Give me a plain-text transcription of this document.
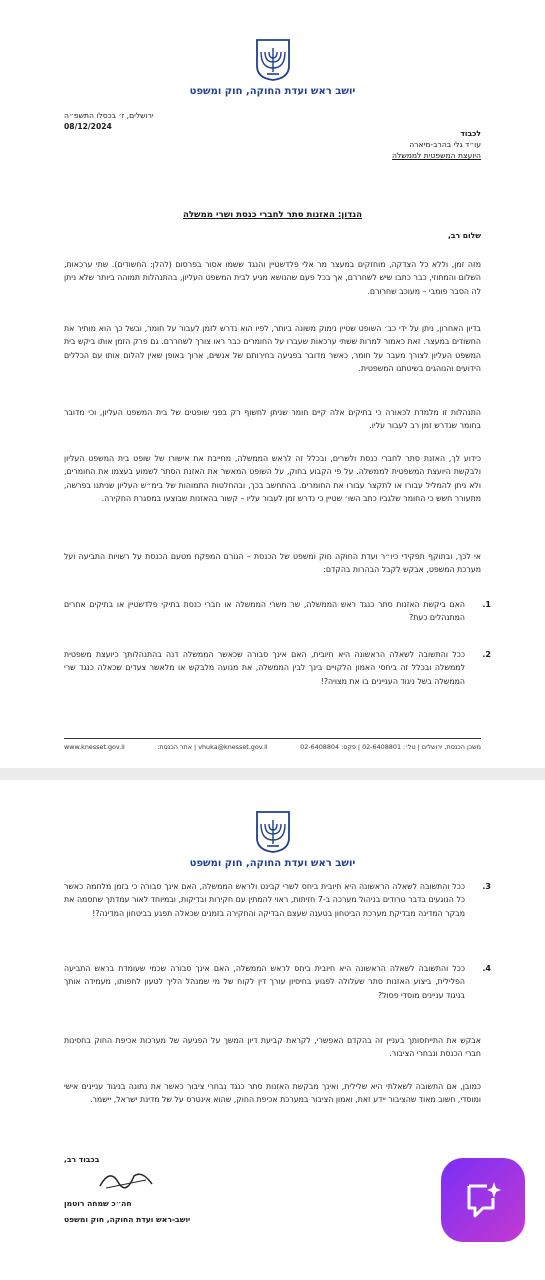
יושב ראש ועדת החוקה, חוק ומשפט
ירושלים, ז׳ בכסלו התשפ״ה
08/12/2024
לכבוד
עו״ד גלי בהרב-מיארה
היועצת המשפטית לממשלה
הנדון: האזנות סתר לחברי כנסת ושרי ממשלה
שלום רב,
מזה זמן, וללא כל הצדקה, מוחזקים במעצר מר אלי פלדשטיין והנגד ששמו אסור בפרסום (להלן: החשודים). שתי ערכאות, השלום והמחוזי, כבר כתבו שיש לשחררם, אך בכל פעם שהנושא מגיע לבית המשפט העליון, בהתנהלות תמוהה ביותר שלא ניתן לה הסבר פומבי – מעוכב שחרורם.
בדיון האחרון, ניתן על ידי כב׳ השופט שטיין נימוק משונה ביותר, לפיו הוא נדרש לזמן לעבור על חומר, ובשל כך הוא מותיר את החשודים במעצר. זאת כאמור למרות ששתי ערכאות שעברו על החומרים כבר ראו צורך לשחררם. גם פרק הזמן אותו ביקש בית המשפט העליון לצורך מעבר על חומר, כאשר מדובר בפגיעה בחירותם של אנשים, ארוך באופן שאין להלום אותו עם הכללים הידועים והנוהגים בשיטתנו המשפטית.
התנהלות זו מלמדת לכאורה כי בתיקים אלה קיים חומר שניתן לחשוף רק בפני שופטים של בית המשפט העליון, וכי מדובר בחומר שנדרש זמן רב לעבור עליו.
כידוע לך, האזנת סתר לחברי כנסת ולשרים, ובכלל זה לראש הממשלה, מחייבת את אישורו של שופט בית המשפט העליון ולבקשת היועצת המשפטית לממשלה. על פי הקבוע בחוק, על השופט המאשר את האזנת הסתר לשמוע בעצמו את החומרים, ולא ניתן להמליל עבורו או לתקצר עבורו את החומרים. בהתחשב בכך, ובהחלטות התמוהות של בימ״ש העליון שניתנו בפרשה, מתעורר חשש כי החומר שלגביו כתב השו׳ שטיין כי נדרש זמן לעבור עליו – קשור בהאזנות שבוצעו במסגרת החקירה.
אי לכך, ובתוקף תפקידי כיו״ר ועדת החוקה חוק ומשפט של הכנסת – הגורם המפקח מטעם הכנסת על רשויות התביעה ועל מערכת המשפט, אבקש לקבל הבהרות בהקדם:
1.
האם ביקשת האזנות סתר כנגד ראש הממשלה, שר משרי הממשלה או חברי כנסת בתיקי פלדשטיין או בתיקים אחרים המתנהלים כעת?
2.
ככל והתשובה לשאלה הראשונה היא חיובית, האם אינך סבורה שכאשר הממשלה דנה בהתנהלותך כיועצת משפטית לממשלה ובכלל זה ביחסי האמון הלקויים בינך לבין הממשלה, את מנועה מלבקש או מלאשר צעדים שכאלה כנגד שרי הממשלה בשל ניגוד העניינים בו את מצויה?!
משכן הכנסת, ירושלים | טל׳: 02-6408801 | פקס: 02-6408804
vhuka@knesset.gov.il | אתר הכנסת:
www.knesset.gov.il
יושב ראש ועדת החוקה, חוק ומשפט
3.
ככל והתשובה לשאלה הראשונה היא חיובית ביחס לשרי קבינט ולראש הממשלה, האם אינך סבורה כי בזמן מלחמה כאשר כל הנוגעים בדבר טרודים בניהול מערכה ב-7 חזיתות, ראוי להמתין עם חקירות ובדיקות, ובמיוחד לאור עמדתך שחסמה את מבקר המדינה מבדיקת מערכת הביטחון בטענה שעצם הבדיקה והחקירה בזמנים שכאלה תפגע בביטחון המדינה?!
4.
ככל והתשובה לשאלה הראשונה היא חיובית ביחס לראש הממשלה, האם אינך סבורה שכמי שעומדת בראש התביעה הפלילית, ביצוע האזנות סתר שעלולה לפגוע בחיסיון עורך דין לקוח של מי שמנהל הליך לטעון לחפותו, מעמידה אותך בניגוד עניינים מוסדי פסול?
אבקש את התייחסותך בעניין זה בהקדם האפשרי, לקראת קביעת דיון המשך על הפגיעה של מערכות אכיפת החוק בחסינות חברי הכנסת ונבחרי הציבור.
כמובן, אם התשובה לשאלתי היא שלילית, ואינך מבקשת האזנות סתר כנגד נבחרי ציבור כאשר את נתונה בניגוד עניינים אישי ומוסדי, חשוב מאוד שהציבור יידע זאת, ואמון הציבור במערכת אכיפת החוק, שהוא אינטרס על של מדינת ישראל, יישמר.
בכבוד רב,
חה״כ שמחה רוטמן
יושב-ראש ועדת החוקה, חוק ומשפט
